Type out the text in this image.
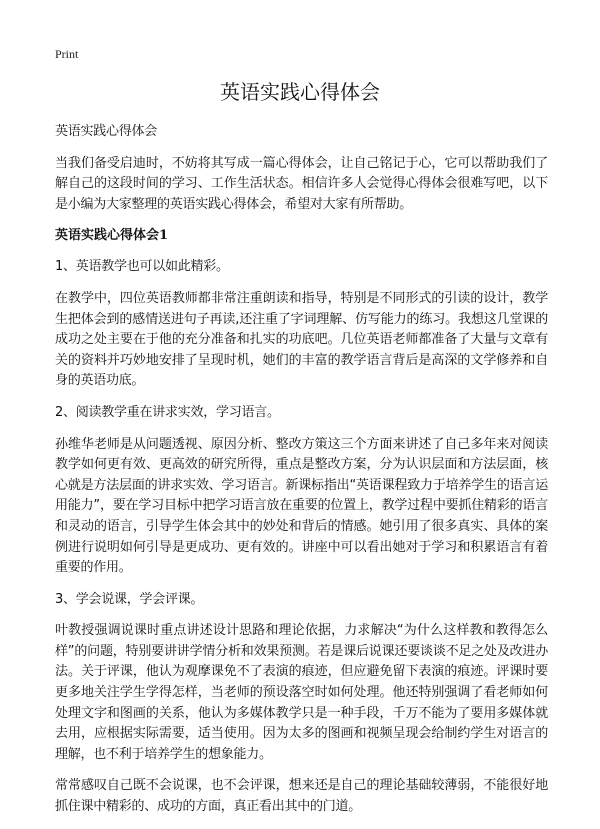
Print
英语实践心得体会

英语实践心得体会

当我们备受启迪时，不妨将其写成一篇心得体会，让自己铭记于心，它可以帮助我们了解自己的这段时间的学习、工作生活状态。相信许多人会觉得心得体会很难写吧，以下是小编为大家整理的英语实践心得体会，希望对大家有所帮助。

英语实践心得体会1

1、英语教学也可以如此精彩。

在教学中，四位英语教师都非常注重朗读和指导，特别是不同形式的引读的设计，教学生把体会到的感情送进句子再读,还注重了字词理解、仿写能力的练习。我想这几堂课的成功之处主要在于他的充分准备和扎实的功底吧。几位英语老师都准备了大量与文章有关的资料并巧妙地安排了呈现时机，她们的丰富的教学语言背后是高深的文学修养和自身的英语功底。

2、阅读教学重在讲求实效，学习语言。

孙维华老师是从问题透视、原因分析、整改方策这三个方面来讲述了自己多年来对阅读教学如何更有效、更高效的研究所得，重点是整改方案，分为认识层面和方法层面，核心就是方法层面的讲求实效、学习语言。新课标指出“英语课程致力于培养学生的语言运用能力”，要在学习目标中把学习语言放在重要的位置上，教学过程中要抓住精彩的语言和灵动的语言，引导学生体会其中的妙处和背后的情感。她引用了很多真实、具体的案例进行说明如何引导是更成功、更有效的。讲座中可以看出她对于学习和积累语言有着重要的作用。

3、学会说课，学会评课。

叶教授强调说课时重点讲述设计思路和理论依据，力求解决“为什么这样教和教得怎么样”的问题，特别要讲讲学情分析和效果预测。若是课后说课还要谈谈不足之处及改进办法。关于评课，他认为观摩课免不了表演的痕迹，但应避免留下表演的痕迹。评课时要更多地关注学生学得怎样，当老师的预设落空时如何处理。他还特别强调了看老师如何处理文字和图画的关系，他认为多媒体教学只是一种手段，千万不能为了要用多媒体就去用，应根据实际需要，适当使用。因为太多的图画和视频呈现会给制约学生对语言的理解，也不利于培养学生的想象能力。

常常感叹自己既不会说课，也不会评课，想来还是自己的理论基础较薄弱，不能很好地抓住课中精彩的、成功的方面，真正看出其中的门道。
